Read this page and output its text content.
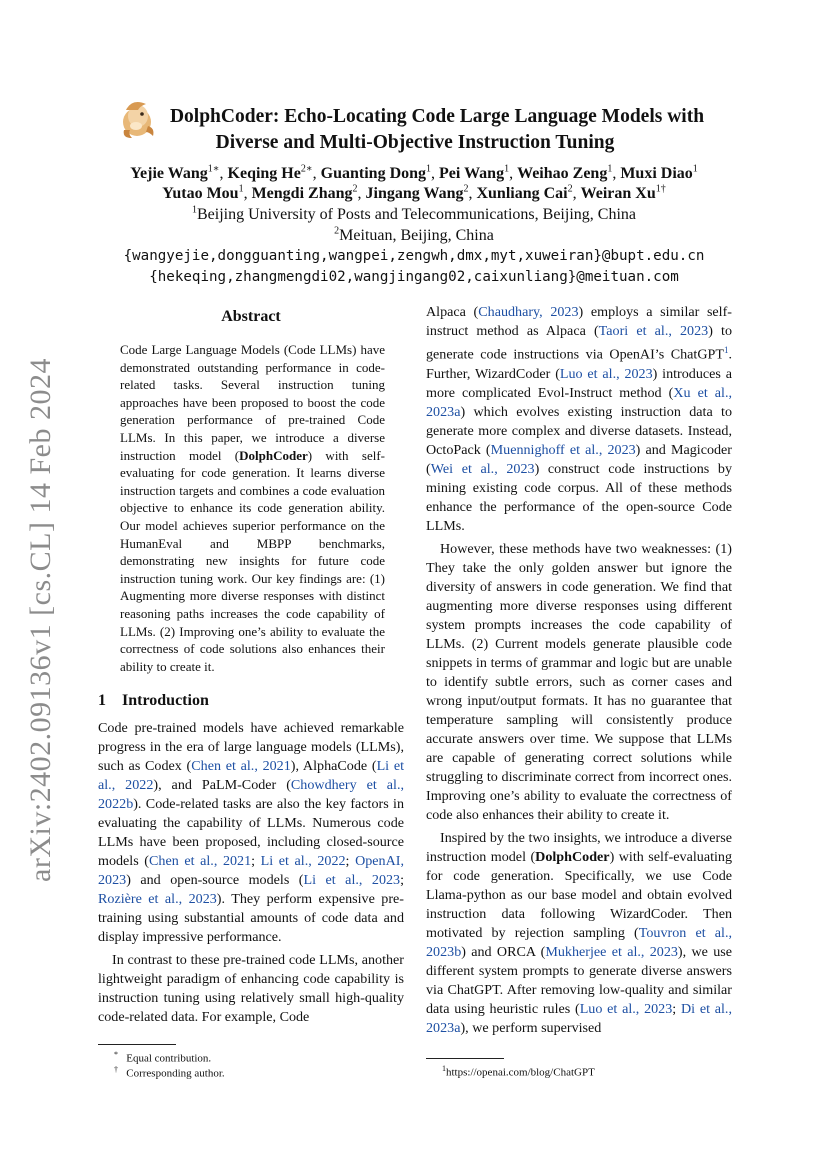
arXiv:2402.09136v1 [cs.CL] 14 Feb 2024
DolphCoder: Echo-Locating Code Large Language Models with
Diverse and Multi-Objective Instruction Tuning
Yejie Wang$^{1∗}$, Keqing $He^{2∗}$, Guanting Dong$^1$, Pei Wang$^1$, Weihao Zeng$^1$, Muxi Diao$^1$
Yutao Mou$^1$, Mengdi Zhang$^2$, Jingang Wang$^2$, Xunliang Cai$^2$, Weiran $Xu^{1\dagger}$
$^1$Beijing University of Posts and Telecommunications, Beijing, China
$^2$Meituan, Beijing, China
{wangyejie,dongguanting,wangpei,zengwh,dmx,myt,xuweiran}@bupt.edu.cn
{hekeqing,zhangmengdi02,wangjingang02,caixunliang}@meituan.com
Abstract
Code Large Language Models (Code LLMs) have demonstrated outstanding performance in code-related tasks. Several instruction tuning approaches have been proposed to boost the code generation performance of pre-trained Code LLMs. In this paper, we introduce a diverse instruction model (DolphCoder) with self-evaluating for code generation. It learns diverse instruction targets and combines a code evaluation objective to enhance its code generation ability. Our model achieves superior performance on the HumanEval and MBPP benchmarks, demonstrating new insights for future code instruction tuning work. Our key findings are: (1) Augmenting more diverse responses with distinct reasoning paths increases the code capability of LLMs. (2) Improving one’s ability to evaluate the correctness of code solutions also enhances their ability to create it.
1 Introduction

Code pre-trained models have achieved remarkable progress in the era of large language models (LLMs), such as Codex (Chen et al., 2021), AlphaCode (Li et al., 2022), and PaLM-Coder (Chowdhery et al., 2022b). Code-related tasks are also the key factors in evaluating the capability of LLMs. Numerous code LLMs have been proposed, including closed-source models (Chen et al., 2021; Li et al., 2022; OpenAI, 2023) and open-source models (Li et al., 2023; Rozière et al., 2023). They perform expensive pre-training using substantial amounts of code data and display impressive performance.

In contrast to these pre-trained code LLMs, another lightweight paradigm of enhancing code capability is instruction tuning using relatively small high-quality code-related data. For example, Code

* Equal contribution.
† Corresponding author.

Alpaca (Chaudhary, 2023) employs a similar self-instruct method as Alpaca (Taori et al., 2023) to generate code instructions via OpenAI’s ChatGPT$^1$. Further, WizardCoder (Luo et al., 2023) introduces a more complicated Evol-Instruct method (Xu et al., 2023a) which evolves existing instruction data to generate more complex and diverse datasets. Instead, OctoPack (Muennighoff et al., 2023) and Magicoder (Wei et al., 2023) construct code instructions by mining existing code corpus. All of these methods enhance the performance of the open-source Code LLMs.

However, these methods have two weaknesses: (1) They take the only golden answer but ignore the diversity of answers in code generation. We find that augmenting more diverse responses using different system prompts increases the code capability of LLMs. (2) Current models generate plausible code snippets in terms of grammar and logic but are unable to identify subtle errors, such as corner cases and wrong input/output formats. It has no guarantee that temperature sampling will consistently produce accurate answers over time. We suppose that LLMs are capable of generating correct solutions while struggling to discriminate correct from incorrect ones. Improving one’s ability to evaluate the correctness of code also enhances their ability to create it.

Inspired by the two insights, we introduce a diverse instruction model (DolphCoder) with self-evaluating for code generation. Specifically, we use Code Llama-python as our base model and obtain evolved instruction data following WizardCoder. Then motivated by rejection sampling (Touvron et al., 2023b) and ORCA (Mukherjee et al., 2023), we use different system prompts to generate diverse answers via ChatGPT. After removing low-quality and similar data using heuristic rules (Luo et al., 2023; Di et al., 2023a), we perform supervised

$^1$https://openai.com/blog/ChatGPT
